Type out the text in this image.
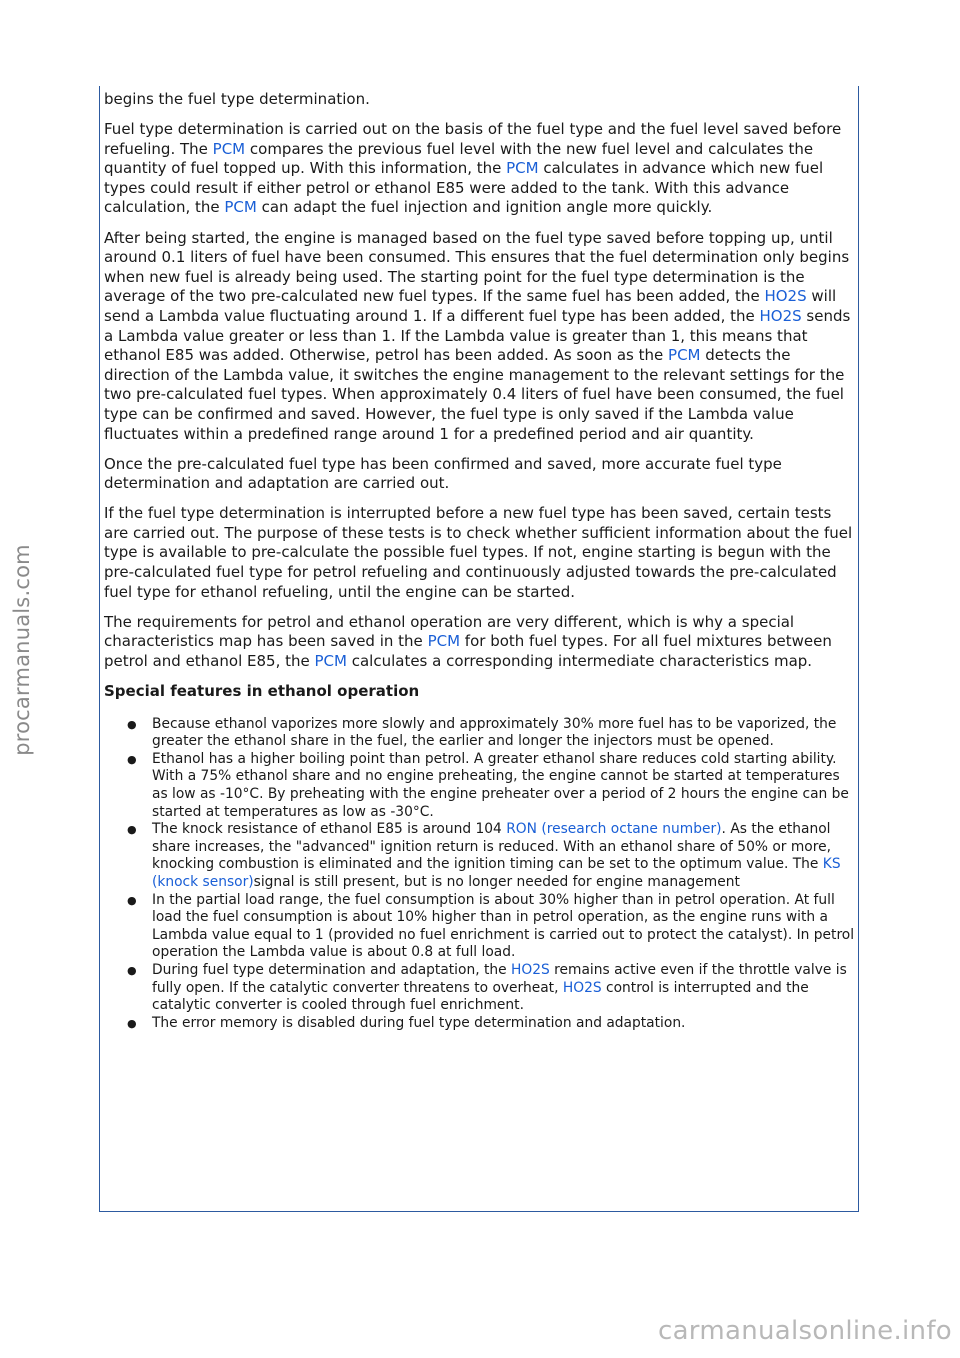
procarmanuals.com

begins the fuel type determination.

Fuel type determination is carried out on the basis of the fuel type and the fuel level saved before refueling. The PCM compares the previous fuel level with the new fuel level and calculates the quantity of fuel topped up. With this information, the PCM calculates in advance which new fuel types could result if either petrol or ethanol E85 were added to the tank. With this advance calculation, the PCM can adapt the fuel injection and ignition angle more quickly.

After being started, the engine is managed based on the fuel type saved before topping up, until around 0.1 liters of fuel have been consumed. This ensures that the fuel determination only begins when new fuel is already being used. The starting point for the fuel type determination is the average of the two pre-calculated new fuel types. If the same fuel has been added, the HO2S will send a Lambda value fluctuating around 1. If a different fuel type has been added, the HO2S sends a Lambda value greater or less than 1. If the Lambda value is greater than 1, this means that ethanol E85 was added. Otherwise, petrol has been added. As soon as the PCM detects the direction of the Lambda value, it switches the engine management to the relevant settings for the two pre-calculated fuel types. When approximately 0.4 liters of fuel have been consumed, the fuel type can be confirmed and saved. However, the fuel type is only saved if the Lambda value fluctuates within a predefined range around 1 for a predefined period and air quantity.

Once the pre-calculated fuel type has been confirmed and saved, more accurate fuel type determination and adaptation are carried out.

If the fuel type determination is interrupted before a new fuel type has been saved, certain tests are carried out. The purpose of these tests is to check whether sufficient information about the fuel type is available to pre-calculate the possible fuel types. If not, engine starting is begun with the pre-calculated fuel type for petrol refueling and continuously adjusted towards the pre-calculated fuel type for ethanol refueling, until the engine can be started.

The requirements for petrol and ethanol operation are very different, which is why a special characteristics map has been saved in the PCM for both fuel types. For all fuel mixtures between petrol and ethanol E85, the PCM calculates a corresponding intermediate characteristics map.

Special features in ethanol operation
● Because ethanol vaporizes more slowly and approximately 30% more fuel has to be vaporized, the greater the ethanol share in the fuel, the earlier and longer the injectors must be opened.
● Ethanol has a higher boiling point than petrol. A greater ethanol share reduces cold starting ability. With a 75% ethanol share and no engine preheating, the engine cannot be started at temperatures as low as -10°C. By preheating with the engine preheater over a period of 2 hours the engine can be started at temperatures as low as -30°C.
● The knock resistance of ethanol E85 is around 104 RON (research octane number). As the ethanol share increases, the "advanced" ignition return is reduced. With an ethanol share of 50% or more, knocking combustion is eliminated and the ignition timing can be set to the optimum value. The KS (knock sensor)signal is still present, but is no longer needed for engine management
● In the partial load range, the fuel consumption is about 30% higher than in petrol operation. At full load the fuel consumption is about 10% higher than in petrol operation, as the engine runs with a Lambda value equal to 1 (provided no fuel enrichment is carried out to protect the catalyst). In petrol operation the Lambda value is about 0.8 at full load.
● During fuel type determination and adaptation, the HO2S remains active even if the throttle valve is fully open. If the catalytic converter threatens to overheat, HO2S control is interrupted and the catalytic converter is cooled through fuel enrichment.
● The error memory is disabled during fuel type determination and adaptation.
carmanualsonline.info
